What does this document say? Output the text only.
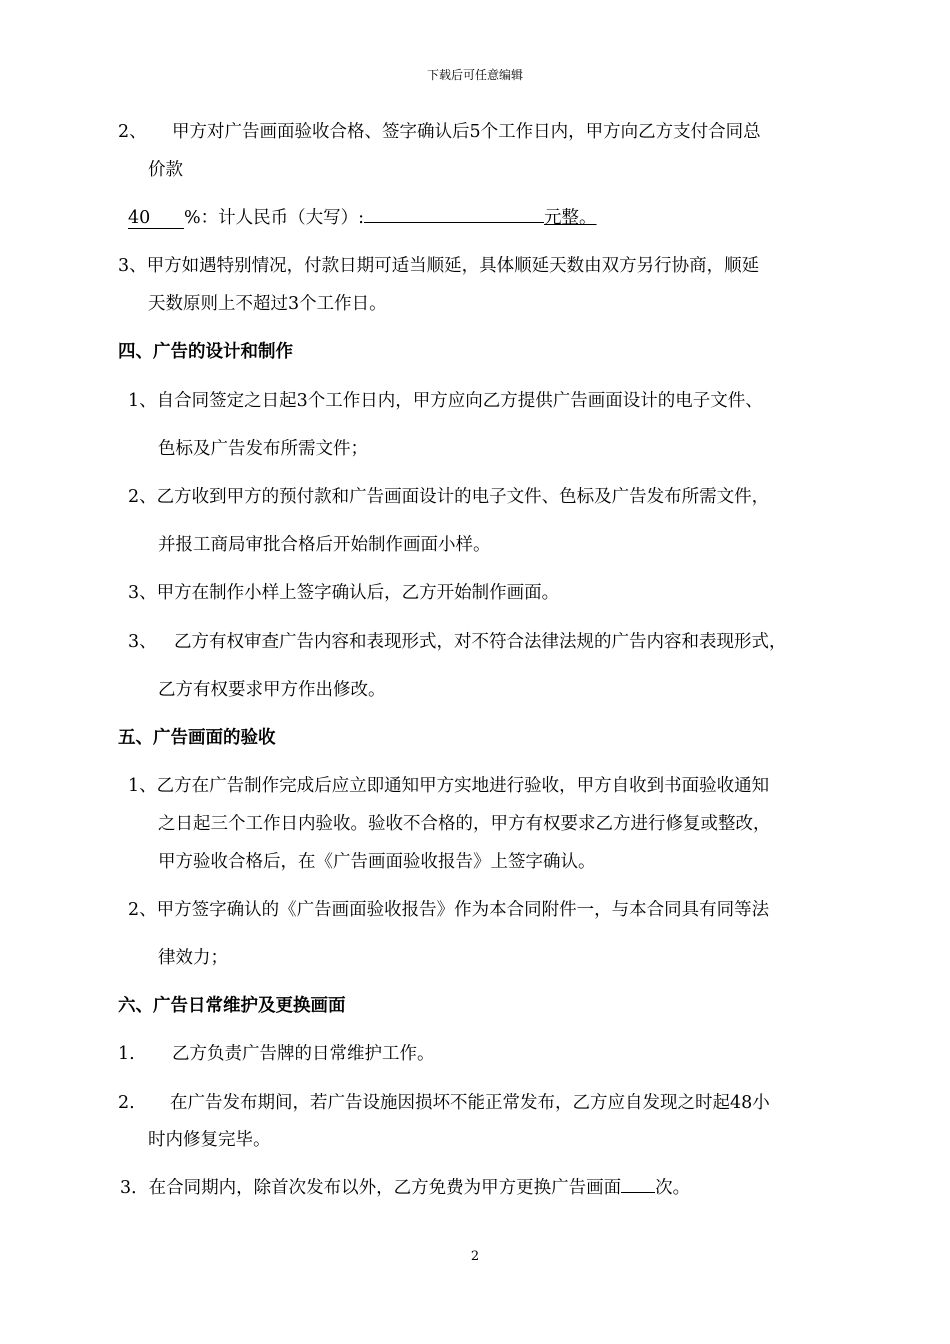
下载后可任意编辑
2、 甲方对广告画面验收合格、签字确认后5个工作日内，甲方向乙方支付合同总
价款
40 %：计人民币（大写）:	元整。
3、甲方如遇特别情况，付款日期可适当顺延，具体顺延天数由双方另行协商，顺延
天数原则上不超过3个工作日。
四、广告的设计和制作
1、自合同签定之日起3个工作日内，甲方应向乙方提供广告画面设计的电子文件、
色标及广告发布所需文件；
2、乙方收到甲方的预付款和广告画面设计的电子文件、色标及广告发布所需文件，
并报工商局审批合格后开始制作画面小样。
3、甲方在制作小样上签字确认后，乙方开始制作画面。
3、 乙方有权审查广告内容和表现形式，对不符合法律法规的广告内容和表现形式，
乙方有权要求甲方作出修改。
五、广告画面的验收
1、乙方在广告制作完成后应立即通知甲方实地进行验收，甲方自收到书面验收通知
之日起三个工作日内验收。验收不合格的，甲方有权要求乙方进行修复或整改，
甲方验收合格后，在《广告画面验收报告》上签字确认。
2、甲方签字确认的《广告画面验收报告》作为本合同附件一，与本合同具有同等法
律效力；
六、广告日常维护及更换画面
1. 乙方负责广告牌的日常维护工作。
2. 在广告发布期间，若广告设施因损坏不能正常发布，乙方应自发现之时起48小
时内修复完毕。
3．在合同期内，除首次发布以外，乙方免费为甲方更换广告画面 次。
2
